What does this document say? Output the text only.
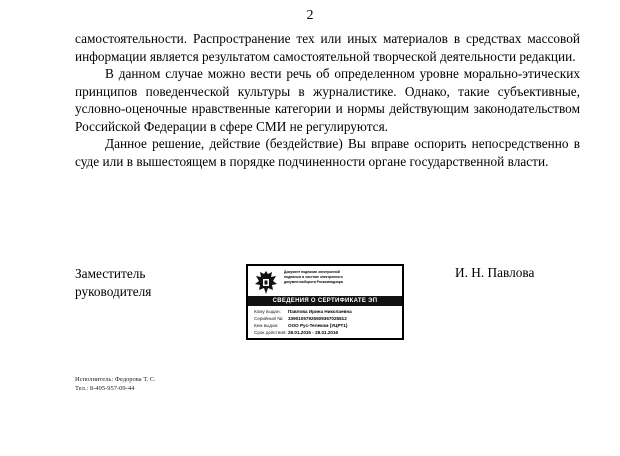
2

самостоятельности. Распространение тех или иных материалов в средствах массовой информации является результатом самостоятельной творческой деятельности редакции.

В данном случае можно вести речь об определенном уровне морально-этических принципов поведенческой культуры в журналистике. Однако, такие субъективные, условно-оценочные нравственные категории и нормы действующим законодательством Российской Федерации в сфере СМИ не регулируются.

Данное решение, действие (бездействие) Вы вправе оспорить непосредственно в суде или в вышестоящем в порядке подчиненности органе государственной власти.

Заместитель
руководителя
Документ подписан электронной
подписью в системе электронного
документооборота Роскомнадзора
СВЕДЕНИЯ О СЕРТИФИКАТЕ ЭП
Кому выдан: Павлова Ирина Николаевна
Серийный №: 33901057925509367025812
Кем выдан: ООО Рус-Телеком (УЦРТ1)
Срок действия:28.01.2015 - 28.01.2016
И. Н. Павлова
Исполнитель: Федорова Т. С.
Тел.: 8-495-957-09-44
